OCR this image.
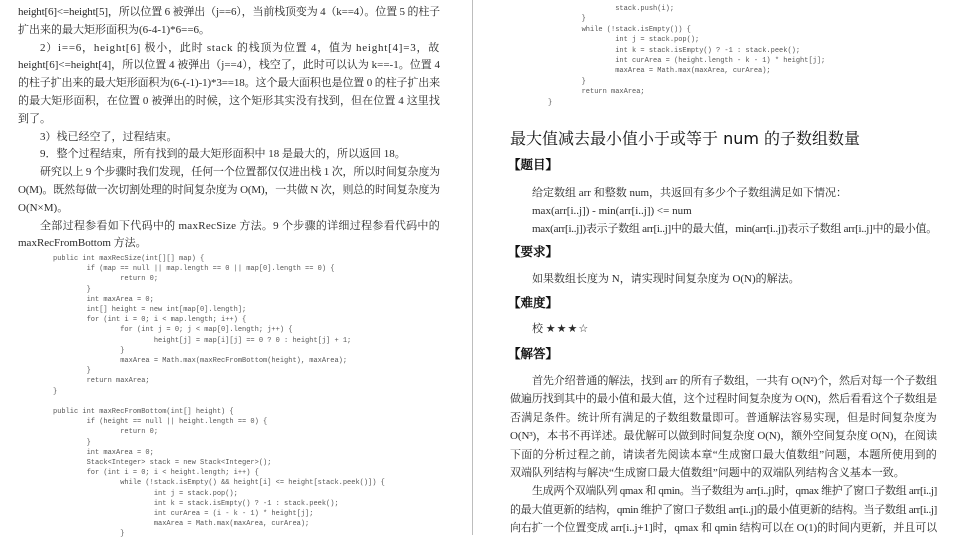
height[6]<=height[5]，所以位置 6 被弹出（j==6），当前栈顶变为 4（k==4）。位置 5 的柱子
扩出来的最大矩形面积为(6-4-1)*6==6。
2）i==6，height[6] 极小，此时 stack 的栈顶为位置 4，值为 height[4]=3，故
height[6]<=height[4]，所以位置 4 被弹出（j==4），栈空了，此时可以认为 k==-1。位置 4
的柱子扩出来的最大矩形面积为(6-(-1)-1)*3==18。这个最大面积也是位置 0 的柱子扩出来
的最大矩形面积，在位置 0 被弹出的时候，这个矩形其实没有找到，但在位置 4 这里找
到了。
3）栈已经空了，过程结束。
9．整个过程结束，所有找到的最大矩形面积中 18 是最大的，所以返回 18。
研究以上 9 个步骤时我们发现，任何一个位置都仅仅进出栈 1 次，所以时间复杂度为
O(M)。既然每做一次切割处理的时间复杂度为 O(M)，一共做 N 次，则总的时间复杂度为
O(N×M)。
全部过程参看如下代码中的 maxRecSize 方法。9 个步骤的详细过程参看代码中的
maxRecFromBottom 方法。
public int maxRecSize(int[][] map) {
if (map == null || map.length == 0 || map[0].length == 0) {
return 0;
}
int maxArea = 0;
int[] height = new int[map[0].length];
for (int i = 0; i < map.length; i++) {
for (int j = 0; j < map[0].length; j++) {
height[j] = map[i][j] == 0 ? 0 : height[j] + 1;
}
maxArea = Math.max(maxRecFromBottom(height), maxArea);
}
return maxArea;
}
public int maxRecFromBottom(int[] height) {
if (height == null || height.length == 0) {
return 0;
}
int maxArea = 0;
Stack<Integer> stack = new Stack<Integer>();
for (int i = 0; i < height.length; i++) {
while (!stack.isEmpty() && height[i] <= height[stack.peek()]) {
int j = stack.pop();
int k = stack.isEmpty() ? -1 : stack.peek();
int curArea = (i - k - 1) * height[j];
maxArea = Math.max(maxArea, curArea);
}
stack.push(i);
}
while (!stack.isEmpty()) {
int j = stack.pop();
int k = stack.isEmpty() ? -1 : stack.peek();
int curArea = (height.length - k - 1) * height[j];
maxArea = Math.max(maxArea, curArea);
}
return maxArea;
}
最大值减去最小值小于或等于 num 的子数组数量
【题目】
给定数组 arr 和整数 num，共返回有多少个子数组满足如下情况：
max(arr[i..j]) - min(arr[i..j]) <= num
max(arr[i..j])表示子数组 arr[i..j]中的最大值，min(arr[i..j])表示子数组 arr[i..j]中的最小值。
【要求】
如果数组长度为 N，请实现时间复杂度为 O(N)的解法。
【难度】
校 ★★★☆
【解答】
首先介绍普通的解法，找到 arr 的所有子数组，一共有 O(N²)个，然后对每一个子数组
做遍历找到其中的最小值和最大值，这个过程时间复杂度为 O(N)，然后看看这个子数组是
否满足条件。统计所有满足的子数组数量即可。普通解法容易实现，但是时间复杂度为
O(N³)，本书不再详述。最优解可以做到时间复杂度 O(N)，额外空间复杂度 O(N)，在阅读
下面的分析过程之前，请读者先阅读本章“生成窗口最大值数组”问题，本题所使用到的
双端队列结构与解决“生成窗口最大值数组”问题中的双端队列结构含义基本一致。
生成两个双端队列 qmax 和 qmin。当子数组为 arr[i..j]时，qmax 维护了窗口子数组 arr[i..j]
的最大值更新的结构，qmin 维护了窗口子数组 arr[i..j]的最小值更新的结构。当子数组 arr[i..j]
向右扩一个位置变成 arr[i..j+1]时，qmax 和 qmin 结构可以在 O(1)的时间内更新，并且可以
